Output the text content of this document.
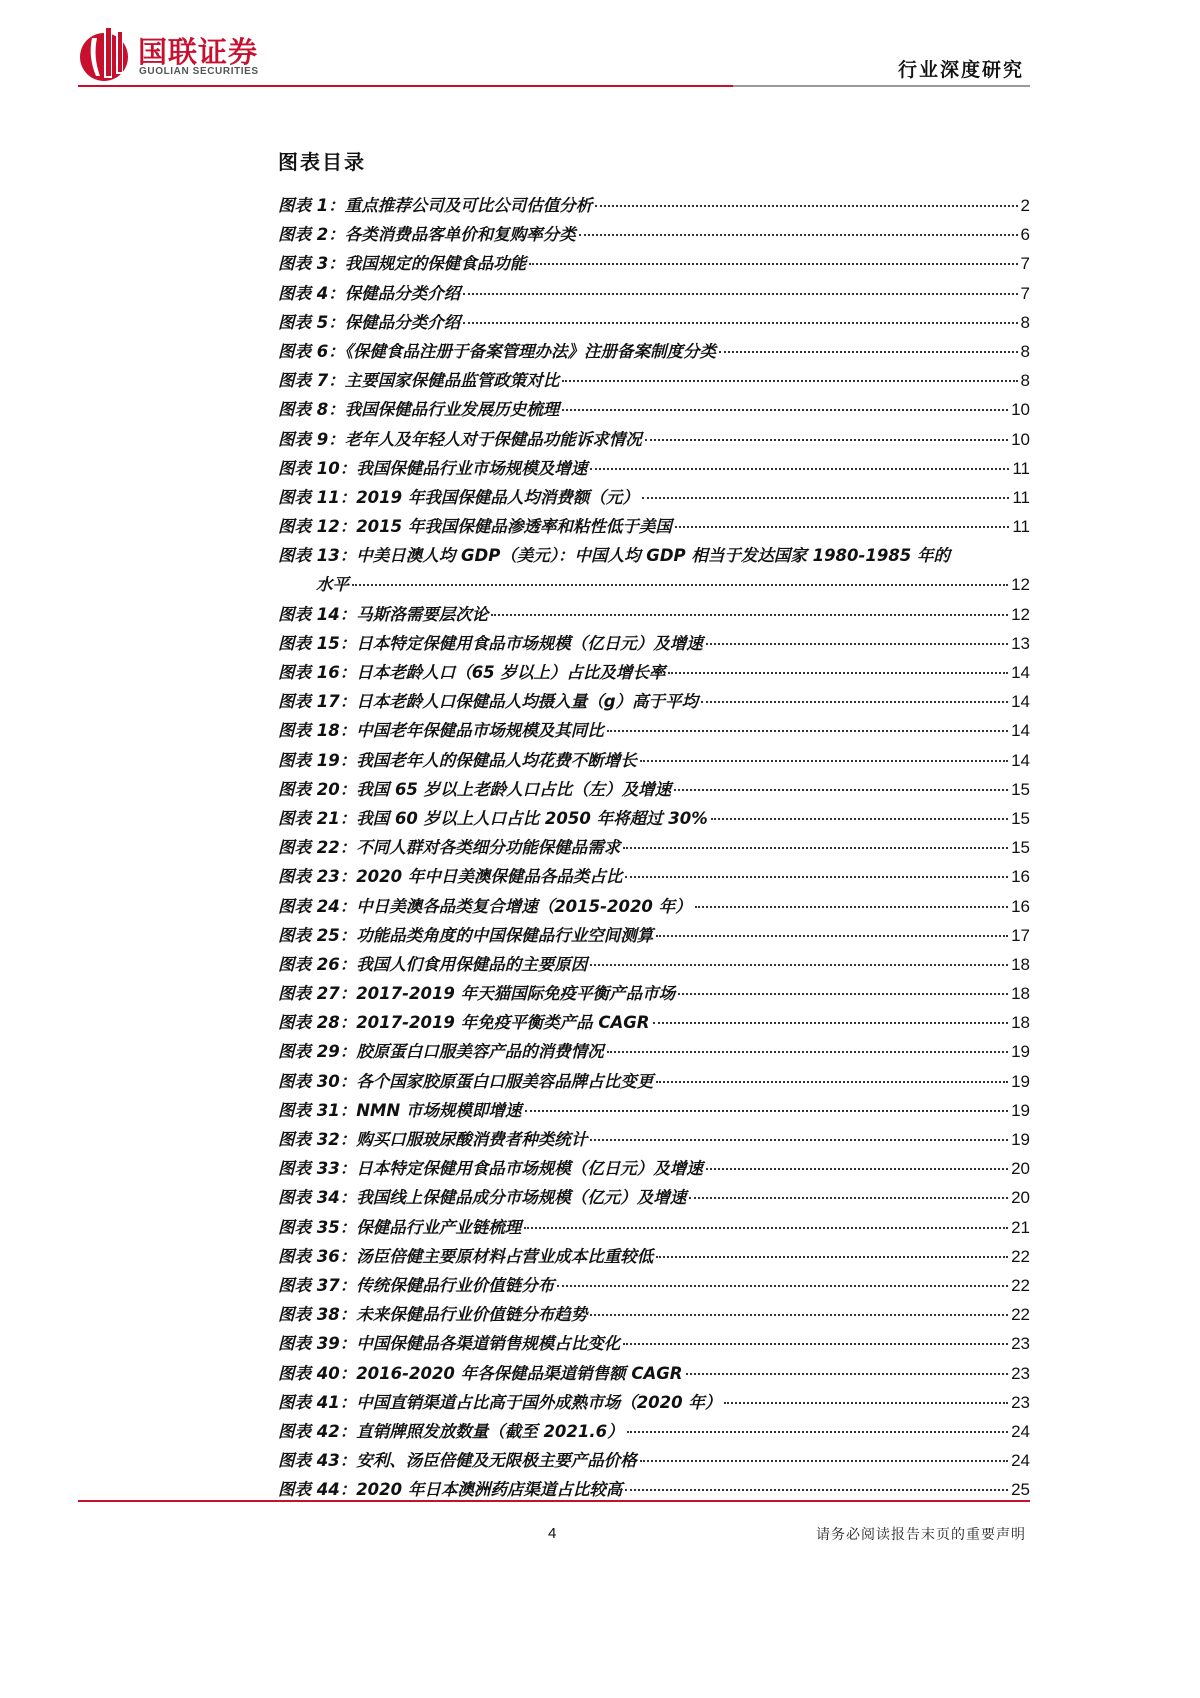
国联证券
GUOLIAN SECURITIES	行业深度研究
图表目录
图表 1：重点推荐公司及可比公司估值分析	2
图表 2：各类消费品客单价和复购率分类	6
图表 3：我国规定的保健食品功能	7
图表 4：保健品分类介绍	7
图表 5：保健品分类介绍	8
图表 6：《保健食品注册于备案管理办法》注册备案制度分类	8
图表 7：主要国家保健品监管政策对比	8
图表 8：我国保健品行业发展历史梳理	10
图表 9：老年人及年轻人对于保健品功能诉求情况	10
图表 10：我国保健品行业市场规模及增速	11
图表 11：2019 年我国保健品人均消费额（元）	11
图表 12：2015 年我国保健品渗透率和粘性低于美国	11
图表 13：中美日澳人均 GDP（美元）：中国人均 GDP 相当于发达国家 1980-1985 年的
水平	12
图表 14：马斯洛需要层次论	12
图表 15：日本特定保健用食品市场规模（亿日元）及增速	13
图表 16：日本老龄人口（65 岁以上）占比及增长率	14
图表 17：日本老龄人口保健品人均摄入量（g）高于平均	14
图表 18：中国老年保健品市场规模及其同比	14
图表 19：我国老年人的保健品人均花费不断增长	14
图表 20：我国 65 岁以上老龄人口占比（左）及增速	15
图表 21：我国 60 岁以上人口占比 2050 年将超过 30%	15
图表 22：不同人群对各类细分功能保健品需求	15
图表 23：2020 年中日美澳保健品各品类占比	16
图表 24：中日美澳各品类复合增速（2015-2020 年）	16
图表 25：功能品类角度的中国保健品行业空间测算	17
图表 26：我国人们食用保健品的主要原因	18
图表 27：2017-2019 年天猫国际免疫平衡产品市场	18
图表 28：2017-2019 年免疫平衡类产品 CAGR	18
图表 29：胶原蛋白口服美容产品的消费情况	19
图表 30：各个国家胶原蛋白口服美容品牌占比变更	19
图表 31：NMN 市场规模即增速	19
图表 32：购买口服玻尿酸消费者种类统计	19
图表 33：日本特定保健用食品市场规模（亿日元）及增速	20
图表 34：我国线上保健品成分市场规模（亿元）及增速	20
图表 35：保健品行业产业链梳理	21
图表 36：汤臣倍健主要原材料占营业成本比重较低	22
图表 37：传统保健品行业价值链分布	22
图表 38：未来保健品行业价值链分布趋势	22
图表 39：中国保健品各渠道销售规模占比变化	23
图表 40：2016-2020 年各保健品渠道销售额 CAGR	23
图表 41：中国直销渠道占比高于国外成熟市场（2020 年）	23
图表 42：直销牌照发放数量（截至 2021.6）	24
图表 43：安利、汤臣倍健及无限极主要产品价格	24
图表 44：2020 年日本澳洲药店渠道占比较高	25
4	请务必阅读报告末页的重要声明
